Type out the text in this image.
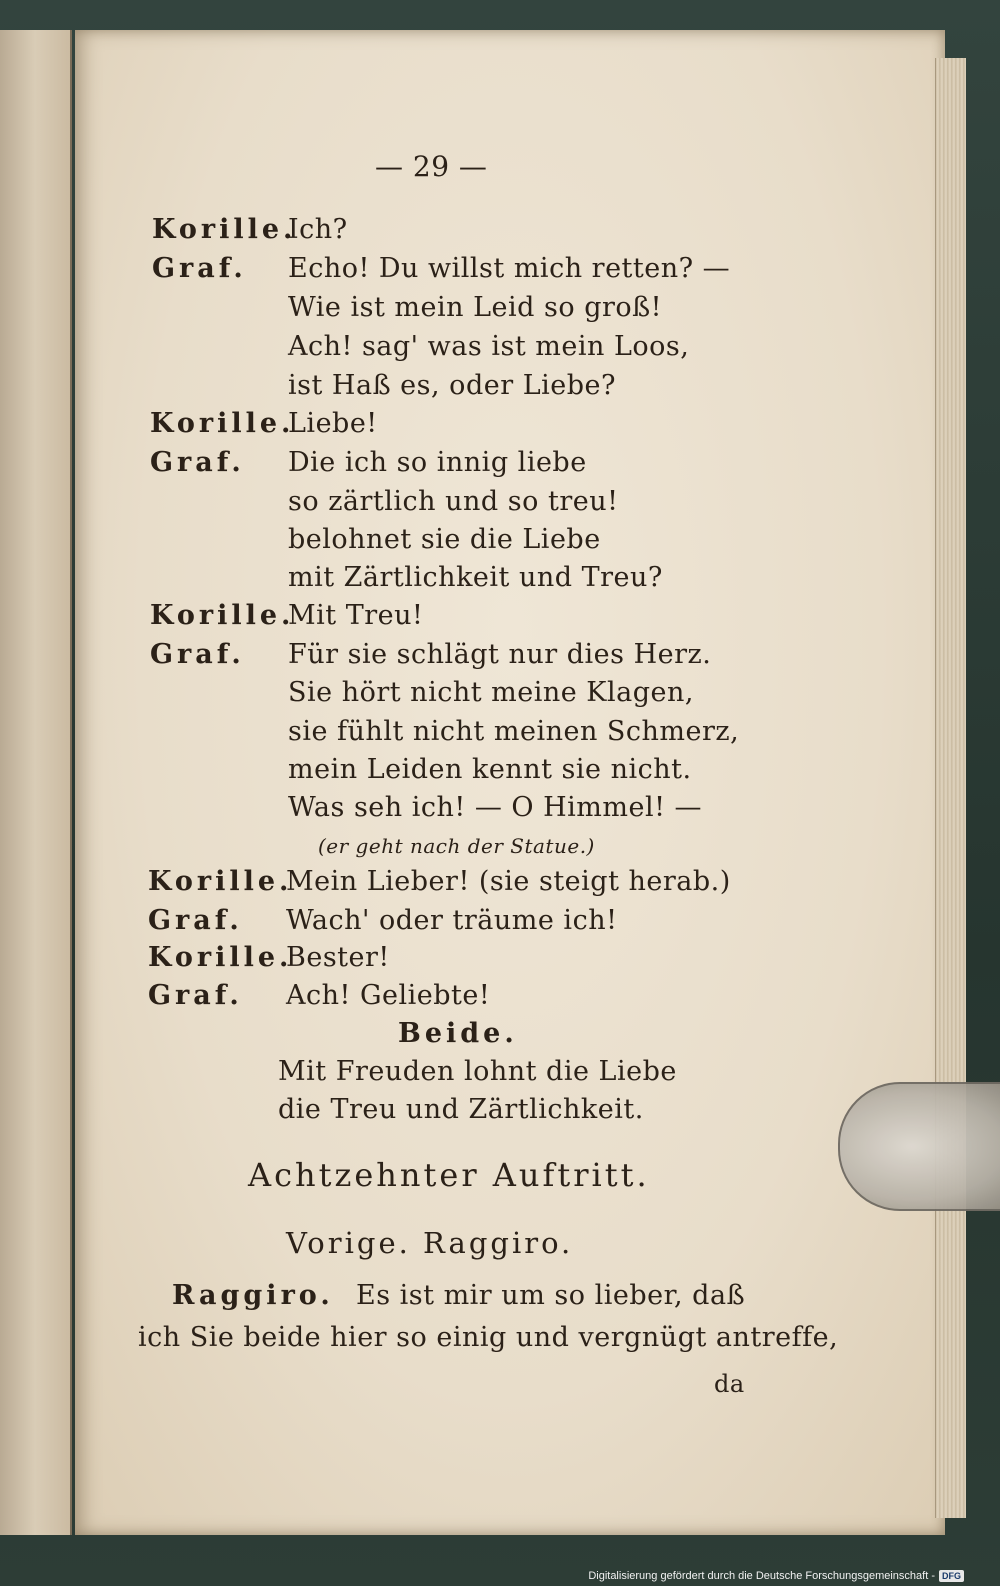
— 29 —
Korille.
Ich?
Graf. Echo! Du willst mich retten? —
Wie ist mein Leid so groß!
Ach! sag' was ist mein Loos,
ist Haß es, oder Liebe?
Korille.
Liebe!
Graf. Die ich so innig liebe
so zärtlich und so treu!
belohnet sie die Liebe
mit Zärtlichkeit und Treu?
Korille.
Mit Treu!
Graf. Für sie schlägt nur dies Herz.
Sie hört nicht meine Klagen,
sie fühlt nicht meinen Schmerz,
mein Leiden kennt sie nicht.
Was seh ich! — O Himmel! —
(er geht nach der Statue.)
Korille.
Mein Lieber! (sie steigt herab.)
Graf. Wach' oder träume ich!
Korille.
Bester!
Graf. Ach! Geliebte!
Beide.
Mit Freuden lohnt die Liebe
die Treu und Zärtlichkeit.
Achtzehnter Auftritt.
Vorige. Raggiro.
Raggiro. Es ist mir um so lieber, daß
ich Sie beide hier so einig und vergnügt antreffe,
da
Digitalisierung gefördert durch die Deutsche Forschungsgemeinschaft - DFG
